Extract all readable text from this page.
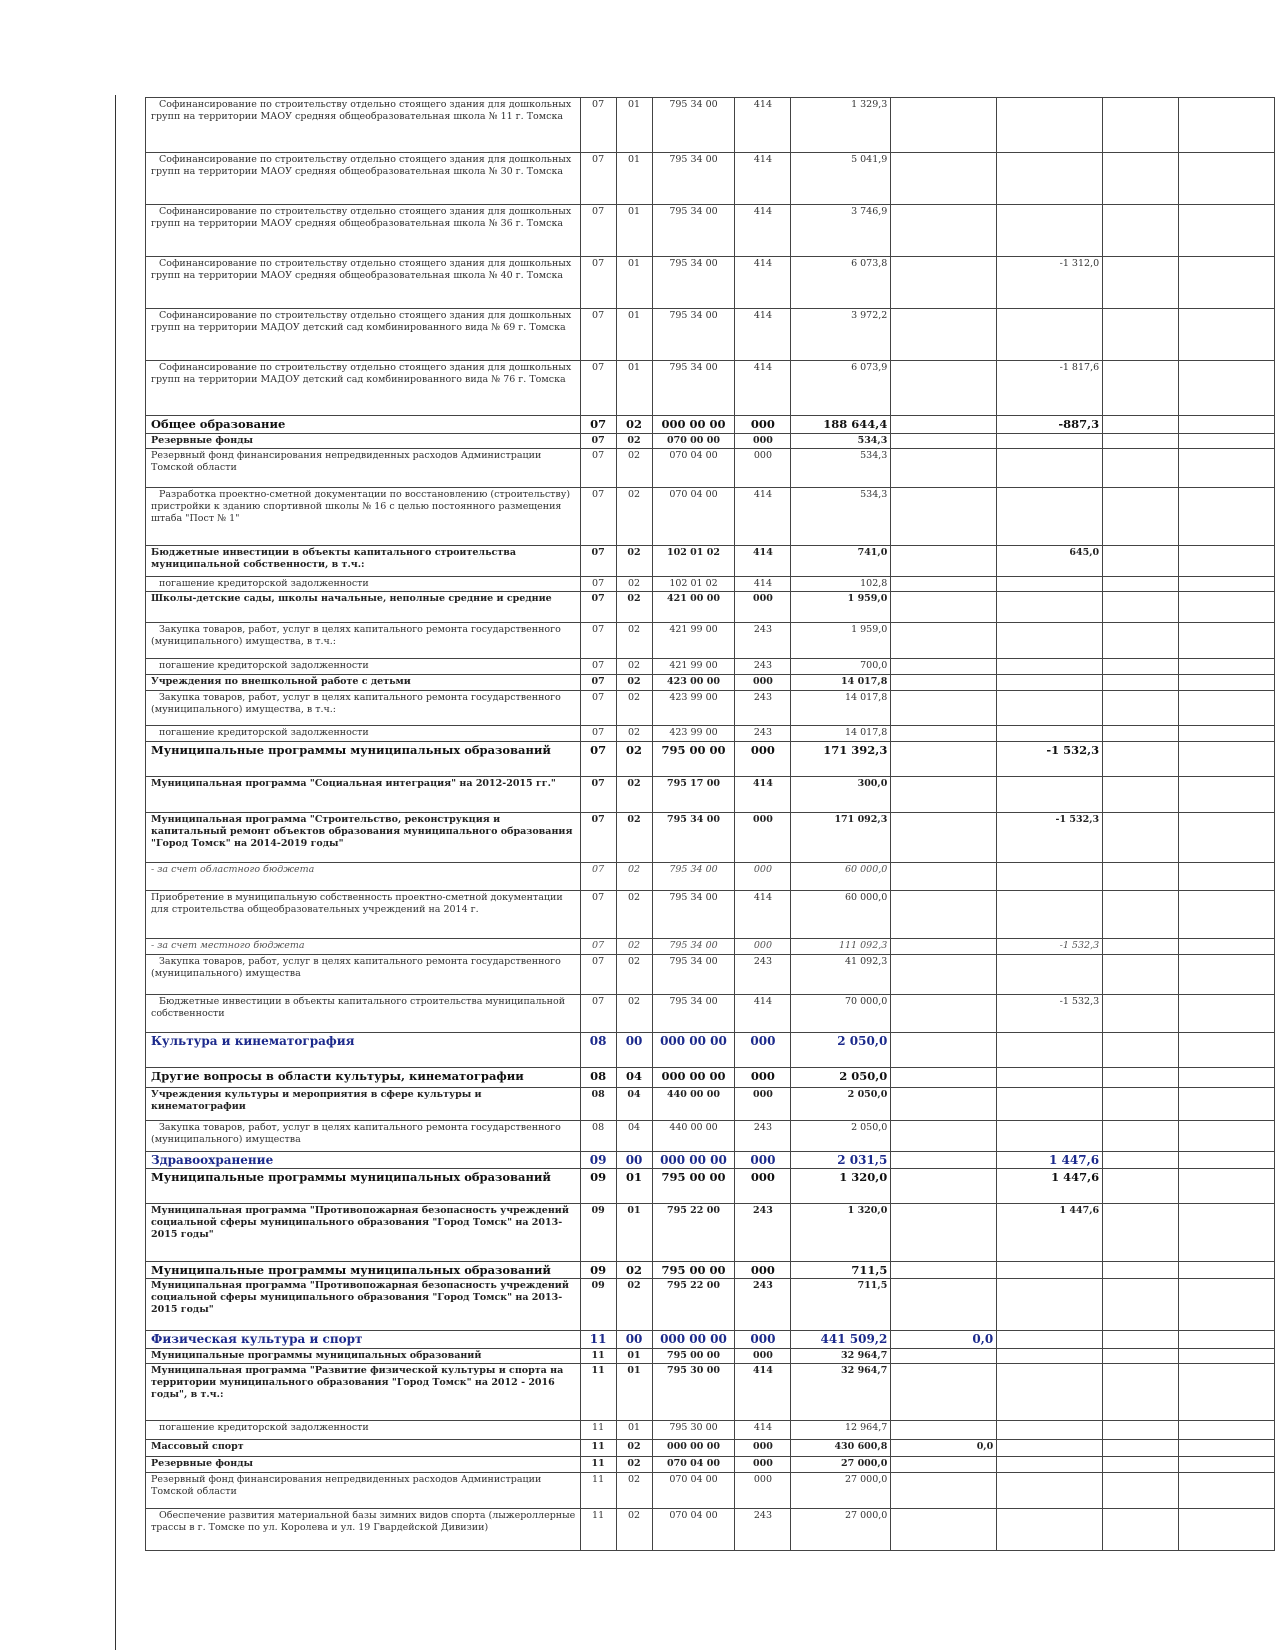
Софинансирование по строительству отдельно стоящего здания для дошкольных групп на территории МАОУ средняя общеобразовательная школа № 11 г. Томска	07	01	795 34 00	414	1 329,3				
Софинансирование по строительству отдельно стоящего здания для дошкольных групп на территории МАОУ средняя общеобразовательная школа № 30 г. Томска	07	01	795 34 00	414	5 041,9				
Софинансирование по строительству отдельно стоящего здания для дошкольных групп на территории МАОУ средняя общеобразовательная школа № 36 г. Томска	07	01	795 34 00	414	3 746,9				
Софинансирование по строительству отдельно стоящего здания для дошкольных групп на территории МАОУ средняя общеобразовательная школа № 40 г. Томска	07	01	795 34 00	414	6 073,8		-1 312,0		
Софинансирование по строительству отдельно стоящего здания для дошкольных групп на территории МАДОУ детский сад комбинированного вида № 69 г. Томска	07	01	795 34 00	414	3 972,2				
Софинансирование по строительству отдельно стоящего здания для дошкольных групп на территории МАДОУ детский сад комбинированного вида № 76 г. Томска	07	01	795 34 00	414	6 073,9		-1 817,6		
Общее образование	07	02	000 00 00	000	188 644,4		-887,3		
Резервные фонды	07	02	070 00 00	000	534,3				
Резервный фонд финансирования непредвиденных расходов Администрации Томской области	07	02	070 04 00	000	534,3				
Разработка проектно-сметной документации по восстановлению (строительству) пристройки к зданию спортивной школы № 16 с целью постоянного размещения штаба "Пост № 1"	07	02	070 04 00	414	534,3				
Бюджетные инвестиции в объекты капитального строительства муниципальной собственности, в т.ч.:	07	02	102 01 02	414	741,0		645,0		
погашение кредиторской задолженности	07	02	102 01 02	414	102,8				
Школы-детские сады, школы начальные, неполные средние и средние	07	02	421 00 00	000	1 959,0				
Закупка товаров, работ, услуг в целях капитального ремонта государственного (муниципального) имущества, в т.ч.:	07	02	421 99 00	243	1 959,0				
погашение кредиторской задолженности	07	02	421 99 00	243	700,0				
Учреждения по внешкольной работе с детьми	07	02	423 00 00	000	14 017,8				
Закупка товаров, работ, услуг в целях капитального ремонта государственного (муниципального) имущества, в т.ч.:	07	02	423 99 00	243	14 017,8				
погашение кредиторской задолженности	07	02	423 99 00	243	14 017,8				
Муниципальные программы муниципальных образований	07	02	795 00 00	000	171 392,3		-1 532,3		
Муниципальная программа "Социальная интеграция" на 2012-2015 гг."	07	02	795 17 00	414	300,0				
Муниципальная программа "Строительство, реконструкция и капитальный ремонт объектов образования муниципального образования "Город Томск" на 2014-2019 годы"	07	02	795 34 00	000	171 092,3		-1 532,3		
- за счет областного бюджета	07	02	795 34 00	000	60 000,0				
Приобретение в муниципальную собственность проектно-сметной документации для строительства общеобразовательных учреждений на 2014 г.	07	02	795 34 00	414	60 000,0				
- за счет местного бюджета	07	02	795 34 00	000	111 092,3		-1 532,3		
Закупка товаров, работ, услуг в целях капитального ремонта государственного (муниципального) имущества	07	02	795 34 00	243	41 092,3				
Бюджетные инвестиции в объекты капитального строительства муниципальной собственности	07	02	795 34 00	414	70 000,0		-1 532,3		
Культура и кинематография	08	00	000 00 00	000	2 050,0				
Другие вопросы в области культуры, кинематографии	08	04	000 00 00	000	2 050,0				
Учреждения культуры и мероприятия в сфере культуры и кинематографии	08	04	440 00 00	000	2 050,0				
Закупка товаров, работ, услуг в целях капитального ремонта государственного (муниципального) имущества	08	04	440 00 00	243	2 050,0				
Здравоохранение	09	00	000 00 00	000	2 031,5		1 447,6		
Муниципальные программы муниципальных образований	09	01	795 00 00	000	1 320,0		1 447,6		
Муниципальная программа "Противопожарная безопасность учреждений социальной сферы муниципального образования "Город Томск" на 2013-2015 годы"	09	01	795 22 00	243	1 320,0		1 447,6		
Муниципальные программы муниципальных образований	09	02	795 00 00	000	711,5				
Муниципальная программа "Противопожарная безопасность учреждений социальной сферы муниципального образования "Город Томск" на 2013-2015 годы"	09	02	795 22 00	243	711,5				
Физическая культура и спорт	11	00	000 00 00	000	441 509,2	0,0			
Муниципальные программы муниципальных образований	11	01	795 00 00	000	32 964,7				
Муниципальная программа "Развитие физической культуры и спорта на территории муниципального образования "Город Томск" на 2012 - 2016 годы", в т.ч.:	11	01	795 30 00	414	32 964,7				
погашение кредиторской задолженности	11	01	795 30 00	414	12 964,7				
Массовый спорт	11	02	000 00 00	000	430 600,8	0,0			
Резервные фонды	11	02	070 04 00	000	27 000,0				
Резервный фонд финансирования непредвиденных расходов Администрации Томской области	11	02	070 04 00	000	27 000,0				
Обеспечение развития материальной базы зимних видов спорта (лыжероллерные трассы в г. Томске по ул. Королева и ул. 19 Гвардейской Дивизии)	11	02	070 04 00	243	27 000,0				
